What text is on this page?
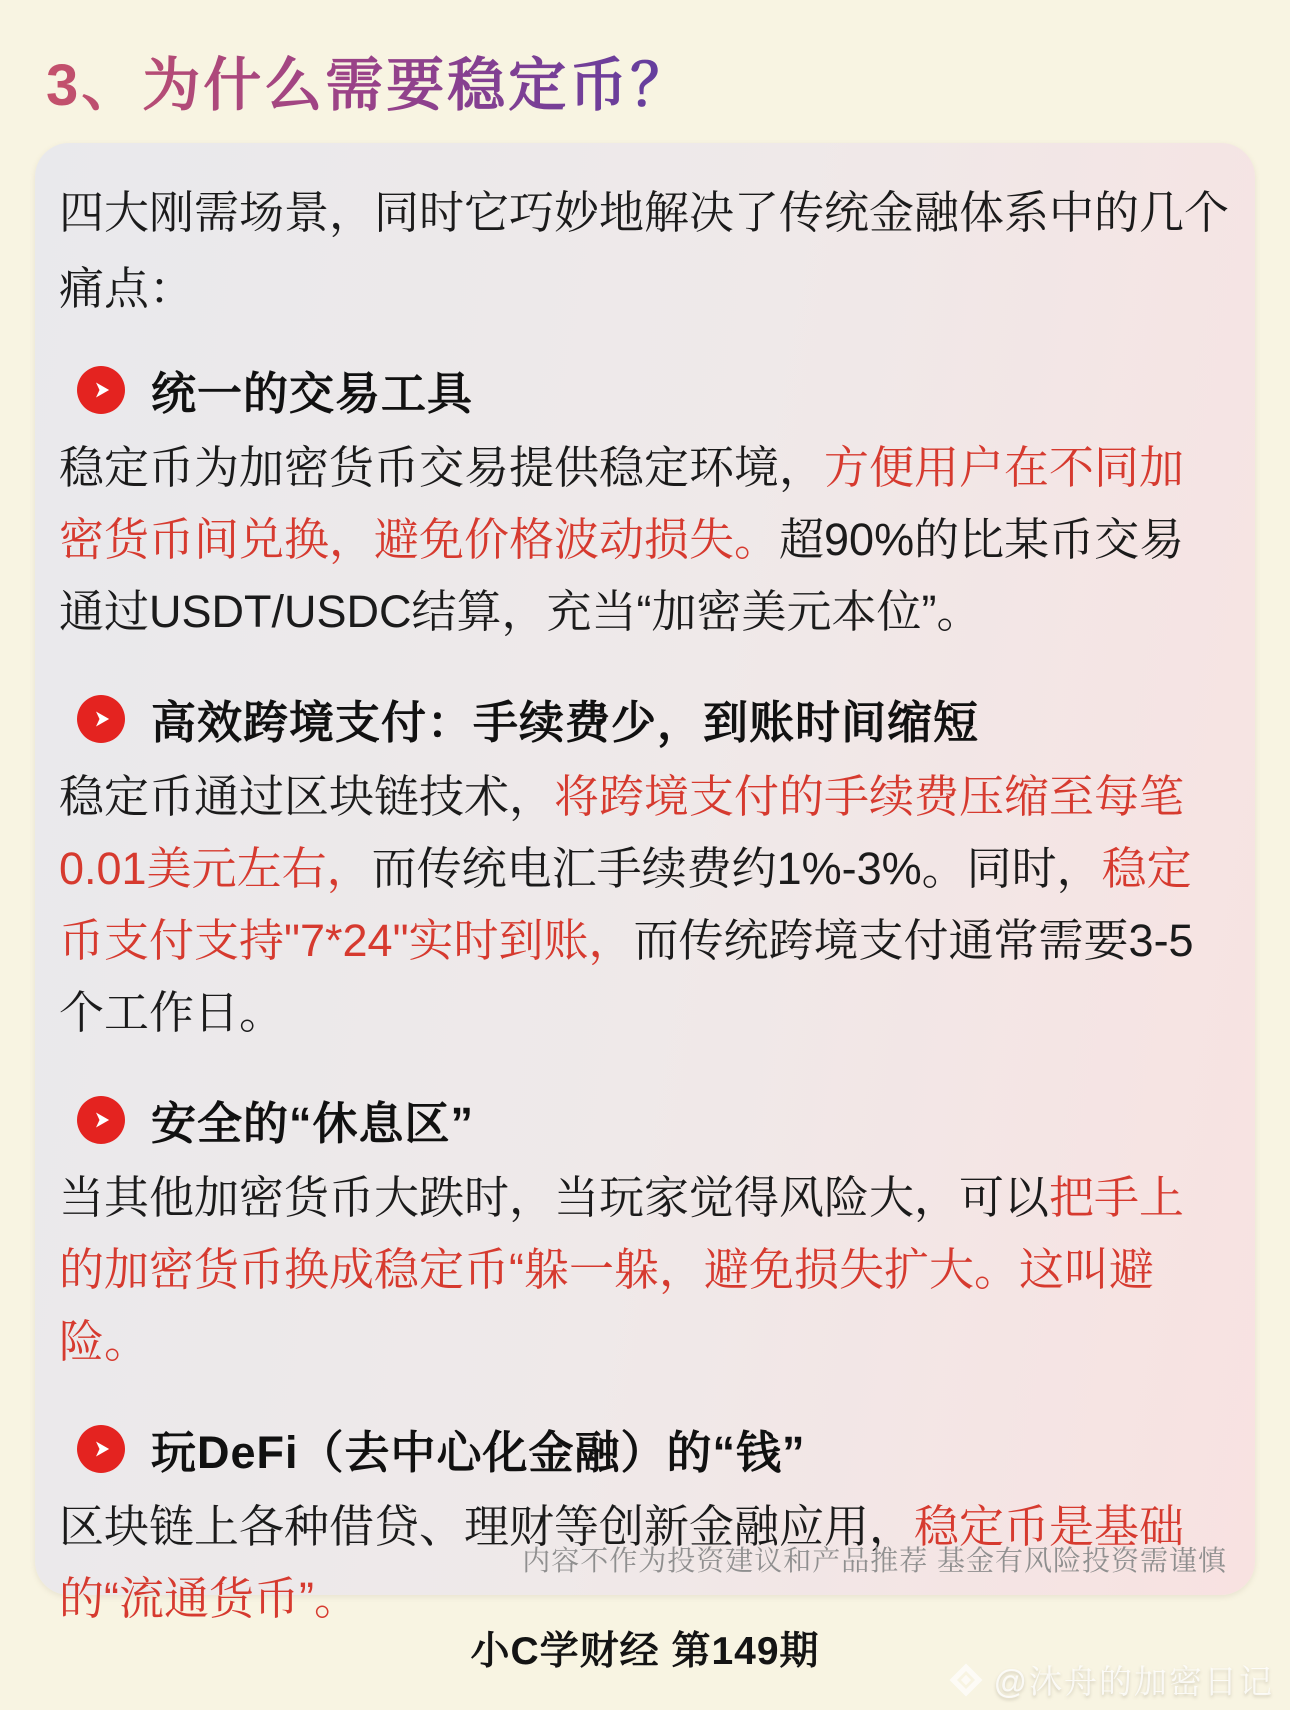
3、为什么需要稳定币？

四大刚需场景，同时它巧妙地解决了传统金融体系中的几个痛点：

统一的交易工具

稳定币为加密货币交易提供稳定环境，方便用户在不同加密货币间兑换，避免价格波动损失。超90%的比某币交易通过USDT/USDC结算，充当“加密美元本位”。

高效跨境支付：手续费少，到账时间缩短

稳定币通过区块链技术，将跨境支付的手续费压缩至每笔0.01美元左右，而传统电汇手续费约1%-3%。同时，稳定币支付支持"7*24"实时到账，而传统跨境支付通常需要3-5个工作日。

安全的“休息区”

当其他加密货币大跌时，当玩家觉得风险大，可以把手上的加密货币换成稳定币“躲一躲，避免损失扩大。这叫避险。

玩DeFi（去中心化金融）的“钱”

区块链上各种借贷、理财等创新金融应用，稳定币是基础的“流通货币”。

内容不作为投资建议和产品推荐 基金有风险投资需谨慎
小C学财经 第149期
@沐舟的加密日记
